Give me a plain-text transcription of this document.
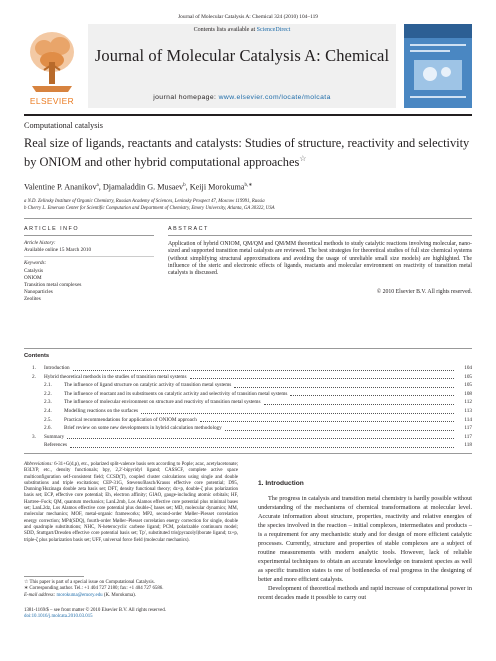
Journal of Molecular Catalysis A: Chemical 324 (2010) 104–119
ELSEVIER
Contents lists available at ScienceDirect
Journal of Molecular Catalysis A: Chemical
journal homepage: www.elsevier.com/locate/molcata
Computational catalysis
Real size of ligands, reactants and catalysts: Studies of structure, reactivity and selectivity by ONIOM and other hybrid computational approaches☆
Valentine P. Ananikov$^a$, Djamaladdin G. Musaev$^b$, Keiji Morokuma$^{b,∗}$
a N.D. Zelinsky Institute of Organic Chemistry, Russian Academy of Sciences, Leninsky Prospect 47, Moscow 119991, Russia
b Cherry L. Emerson Center for Scientific Computation and Department of Chemistry, Emory University, Atlanta, GA 30322, USA
ARTICLE INFO	ABSTRACT
Article history:
Available online 15 March 2010
Keywords:
Catalysis
ONIOM
Transition metal complexes
Nanoparticles
Zeolites
Application of hybrid ONIOM, QM/QM and QM/MM theoretical methods to study catalytic reactions involving molecular, nano-sized and supported transition metal catalysts are reviewed. The best strategies for theoretical studies of full size chemical systems (without simplifying structural approximations and avoiding the usage of unreliable small size models) are highlighted. The influence of the steric and electronic effects of ligands, reactants and molecular environment on reactivity of transition metal catalysts is discussed.
© 2010 Elsevier B.V. All rights reserved.
Contents
1. Introduction	104
2. Hybrid theoretical methods in the studies of transition metal systems	105
2.1. The influence of ligand structure on catalytic activity of transition metal systems	105
2.2. The influence of reactant and its substituents on catalytic activity and selectivity of transition metal systems	108
2.3. The influence of molecular environment on structure and reactivity of transition metal systems	112
2.4. Modelling reactions on the surfaces	113
2.5. Practical recommendations for application of ONIOM approach	114
2.6. Brief review on some new developments in hybrid calculation methodology	117
3. Summary	117
References	118
Abbreviations: 6-31+G(d,p), etc., polarized split-valence basis sets according to Pople; acac, acetylacetonate; B3LYP, etc., density functionals; bpy, 2,2′-bipyridyl ligand; CASSCF, complete active space multiconfiguration self-consistent field; CCSD(T), coupled cluster calculations using single and double substitutions and triple excitations; CEP-31G, Stevens/Basch/Krauss effective core potential; D95, Dunning/Huzinaga double zeta basis set; DFT, density functional theory; dz+p, double-ζ plus polarization basis set; ECP, effective core potential; Eh, electron affinity; GIAO, gauge-including atomic orbitals; HF, Hartree–Fock; QM, quantum mechanics; LanL2mb, Los Alamos effective core potential plus minimal bases set; LanL2dz, Los Alamos effective core potential plus double-ζ bases set; MD, molecular dynamics; MM, molecular mechanics; MOF, metal-organic frameworks; MP2, second-order Møller–Plesset correlation energy correction; MP4(SDQ), fourth-order Møller–Plesset correlation energy correction for single, double and quadruple substitutions; NHC, N-heterocyclic carbene ligand; PCM, polarizable continuum model; SDD, Stuttgart/Dresden effective core potential basis set; Tp′, substituted tris(pyrazolyl)borate ligand; tz+p, triple-ζ plus polarization basis set; UFF, universal force field (molecular mechanics).
☆ This paper is part of a special issue on Computational Catalysis.
∗ Corresponding author. Tel.: +1 404 727 2180; fax: +1 404 727 6586.
E-mail address: morokuma@emory.edu (K. Morokuma).
1381-1169/$ – see front matter © 2010 Elsevier B.V. All rights reserved.
doi:10.1016/j.molcata.2010.03.015
1. Introduction

The progress in catalysis and transition metal chemistry is hardly possible without understanding of the mechanisms of chemical transformations at molecular level. Accurate information about structure, properties, reactivity and relative energies of the species involved in the reaction – initial complexes, intermediates and products – is a requirement for any mechanistic study and for design of more efficient catalytic processes. Currently, structure and properties of stable complexes are a subject of routine measurements with modern analytic tools. However, lack of reliable experimental techniques to obtain an accurate knowledge on transient species as well as specific transition states is one of bottlenecks of real progress in the designing of better and more efficient catalysts.

Development of theoretical methods and rapid increase of computational power in recent decades made it possible to carry out
